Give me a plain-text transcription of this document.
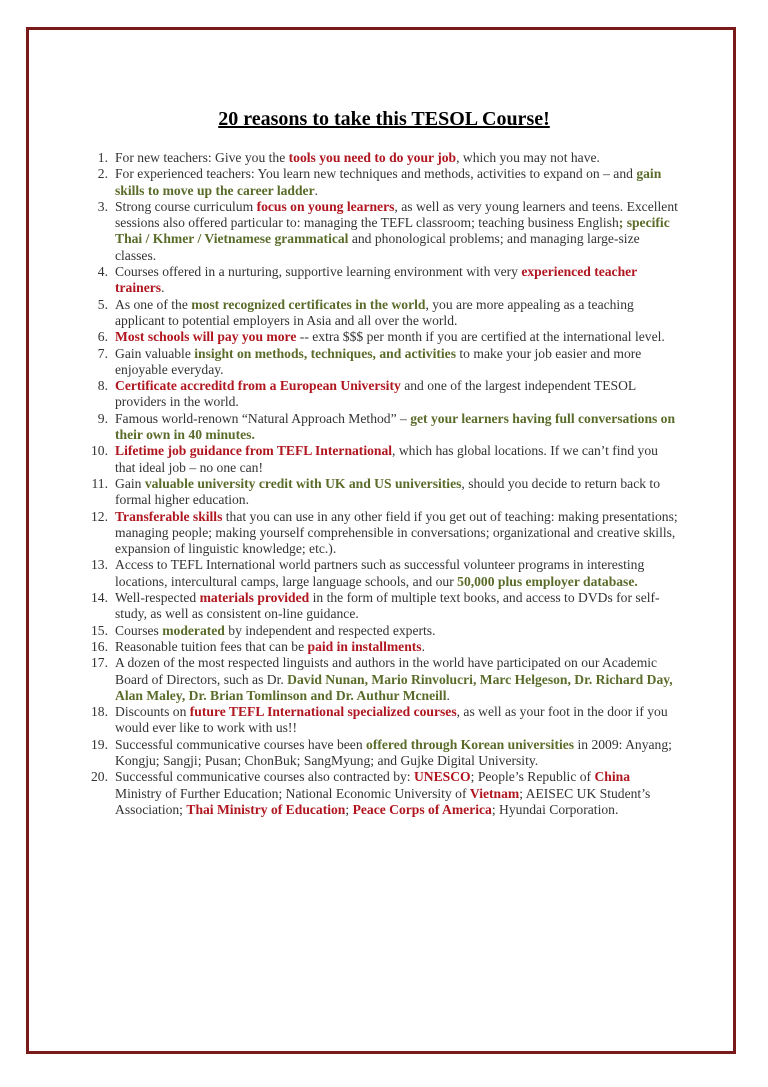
20 reasons to take this TESOL Course!
1. For new teachers: Give you the tools you need to do your job, which you may not have.
2. For experienced teachers: You learn new techniques and methods, activities to expand on – and gain skills to move up the career ladder.
3. Strong course curriculum focus on young learners, as well as very young learners and teens. Excellent sessions also offered particular to: managing the TEFL classroom; teaching business English; specific Thai / Khmer / Vietnamese grammatical and phonological problems; and managing large-size classes.
4. Courses offered in a nurturing, supportive learning environment with very experienced teacher trainers.
5. As one of the most recognized certificates in the world, you are more appealing as a teaching applicant to potential employers in Asia and all over the world.
6. Most schools will pay you more -- extra $$$ per month if you are certified at the international level.
7. Gain valuable insight on methods, techniques, and activities to make your job easier and more enjoyable everyday.
8. Certificate accreditd from a European University and one of the largest independent TESOL providers in the world.
9. Famous world-renown “Natural Approach Method” – get your learners having full conversations on their own in 40 minutes.
10. Lifetime job guidance from TEFL International, which has global locations. If we can’t find you that ideal job – no one can!
11. Gain valuable university credit with UK and US universities, should you decide to return back to formal higher education.
12. Transferable skills that you can use in any other field if you get out of teaching: making presentations; managing people; making yourself comprehensible in conversations; organizational and creative skills, expansion of linguistic knowledge; etc.).
13. Access to TEFL International world partners such as successful volunteer programs in interesting locations, intercultural camps, large language schools, and our 50,000 plus employer database.
14. Well-respected materials provided in the form of multiple text books, and access to DVDs for self-study, as well as consistent on-line guidance.
15. Courses moderated by independent and respected experts.
16. Reasonable tuition fees that can be paid in installments.
17. A dozen of the most respected linguists and authors in the world have participated on our Academic Board of Directors, such as Dr. David Nunan, Mario Rinvolucri, Marc Helgeson, Dr. Richard Day, Alan Maley, Dr. Brian Tomlinson and Dr. Authur Mcneill.
18. Discounts on future TEFL International specialized courses, as well as your foot in the door if you would ever like to work with us!!
19. Successful communicative courses have been offered through Korean universities in 2009: Anyang; Kongju; Sangji; Pusan; ChonBuk; SangMyung; and Gujke Digital University.
20. Successful communicative courses also contracted by: UNESCO; People’s Republic of China Ministry of Further Education; National Economic University of Vietnam; AEISEC UK Student’s Association; Thai Ministry of Education; Peace Corps of America; Hyundai Corporation.
